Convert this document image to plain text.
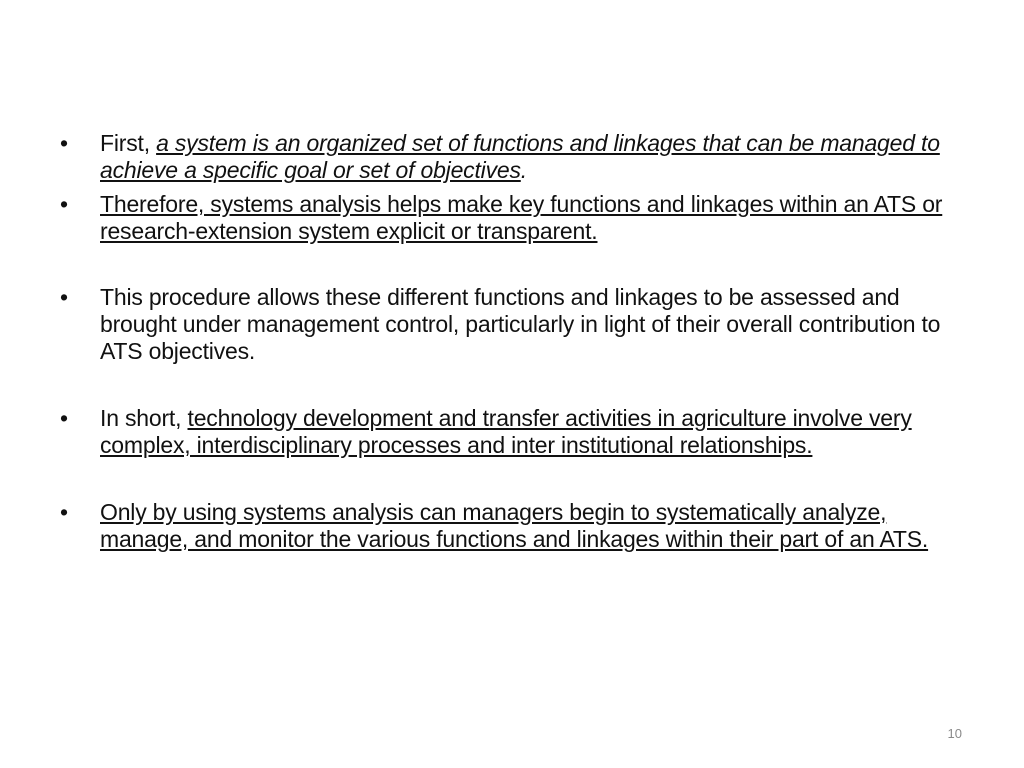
• First, a system is an organized set of functions and linkages that can be managed to achieve a specific goal or set of objectives.
• Therefore, systems analysis helps make key functions and linkages within an ATS or research-extension system explicit or transparent.
• This procedure allows these different functions and linkages to be assessed and brought under management control, particularly in light of their overall contribution to ATS objectives.
• In short, technology development and transfer activities in agriculture involve very complex, interdisciplinary processes and inter institutional relationships.
• Only by using systems analysis can managers begin to systematically analyze, manage, and monitor the various functions and linkages within their part of an ATS.
10
